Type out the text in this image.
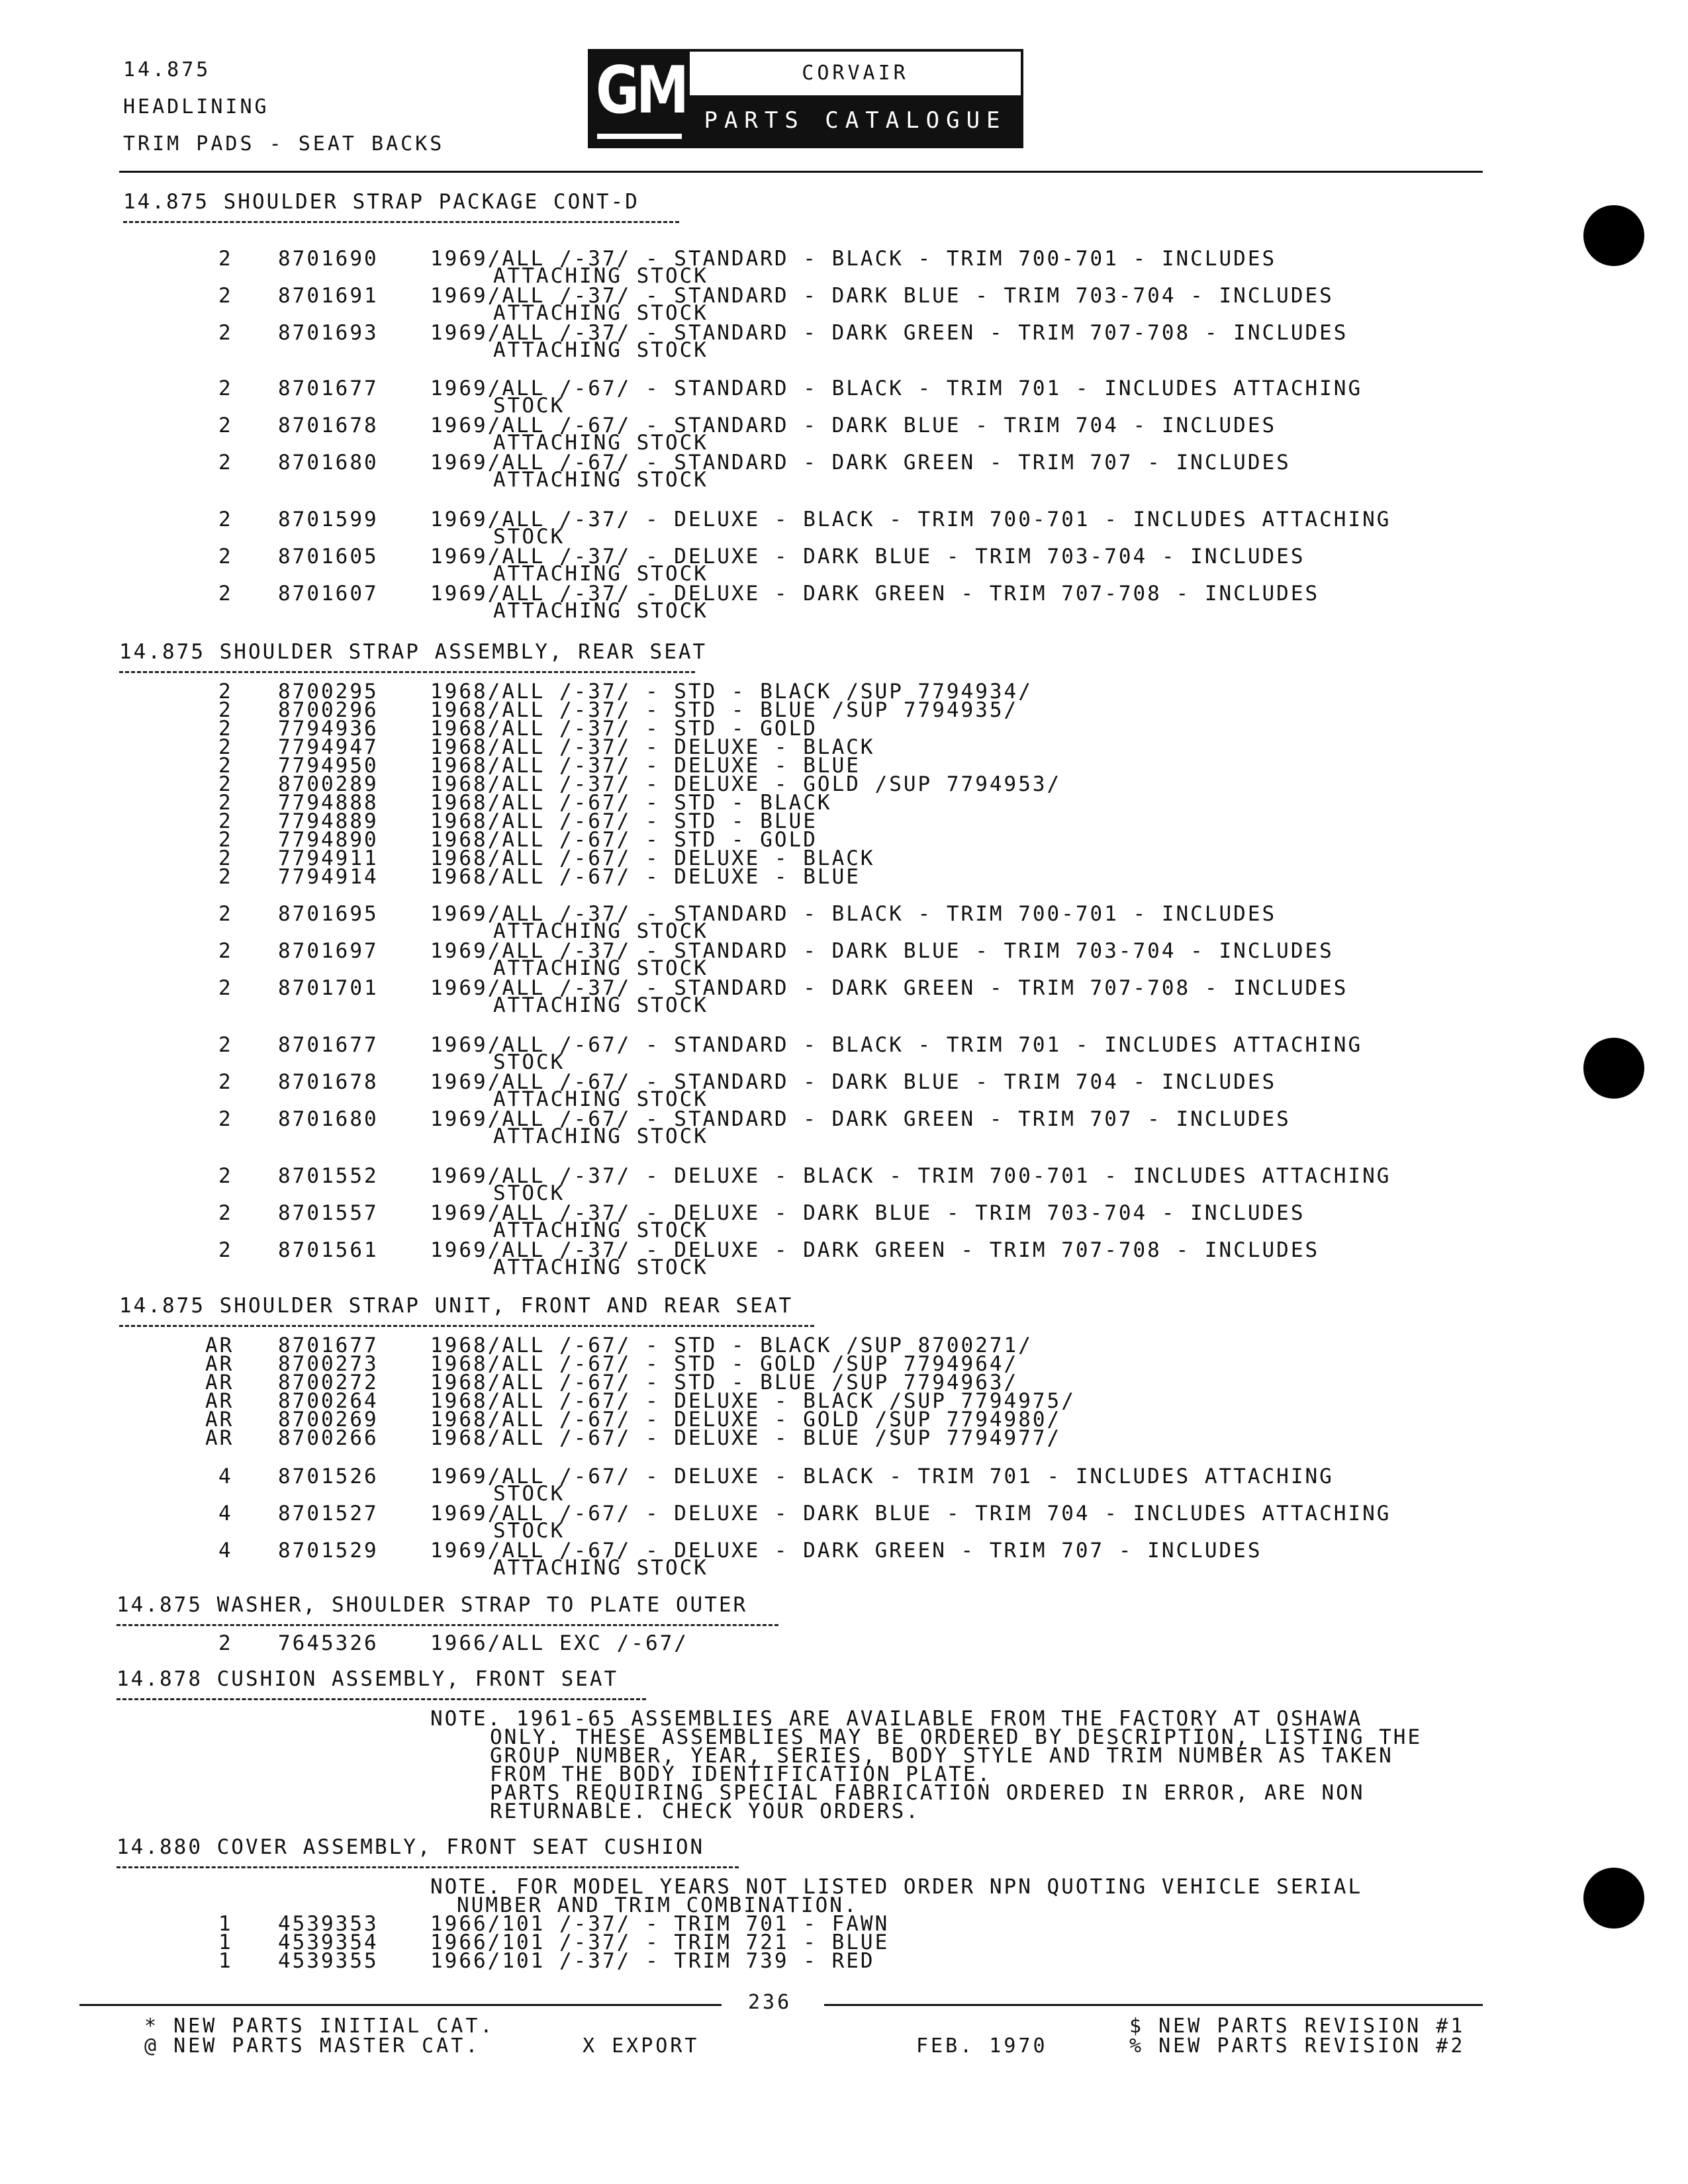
14.875
HEADLINING
TRIM PADS - SEAT BACKS
GM	CORVAIR
PARTS CATALOGUE
14.875 SHOULDER STRAP PACKAGE CONT-D
14.875 SHOULDER STRAP ASSEMBLY, REAR SEAT
14.875 SHOULDER STRAP UNIT, FRONT AND REAR SEAT
14.875 WASHER, SHOULDER STRAP TO PLATE OUTER
14.878 CUSHION ASSEMBLY, FRONT SEAT
14.880 COVER ASSEMBLY, FRONT SEAT CUSHION
2 8701690	1969/ALL /-37/ - STANDARD - BLACK - TRIM 700-701 - INCLUDES
ATTACHING STOCK
2 8701691	1969/ALL /-37/ - STANDARD - DARK BLUE - TRIM 703-704 - INCLUDES
ATTACHING STOCK
2 8701693	1969/ALL /-37/ - STANDARD - DARK GREEN - TRIM 707-708 - INCLUDES
ATTACHING STOCK
2 8701677	1969/ALL /-67/ - STANDARD - BLACK - TRIM 701 - INCLUDES ATTACHING
STOCK
2 8701678	1969/ALL /-67/ - STANDARD - DARK BLUE - TRIM 704 - INCLUDES
ATTACHING STOCK
2 8701680	1969/ALL /-67/ - STANDARD - DARK GREEN - TRIM 707 - INCLUDES
ATTACHING STOCK
2 8701599	1969/ALL /-37/ - DELUXE - BLACK - TRIM 700-701 - INCLUDES ATTACHING
STOCK
2 8701605	1969/ALL /-37/ - DELUXE - DARK BLUE - TRIM 703-704 - INCLUDES
ATTACHING STOCK
2 8701607	1969/ALL /-37/ - DELUXE - DARK GREEN - TRIM 707-708 - INCLUDES
ATTACHING STOCK
2 8700295	1968/ALL /-37/ - STD - BLACK /SUP 7794934/
2 8700296	1968/ALL /-37/ - STD - BLUE /SUP 7794935/
2 7794936	1968/ALL /-37/ - STD - GOLD
2 7794947	1968/ALL /-37/ - DELUXE - BLACK
2 7794950	1968/ALL /-37/ - DELUXE - BLUE
2 8700289	1968/ALL /-37/ - DELUXE - GOLD /SUP 7794953/
2 7794888	1968/ALL /-67/ - STD - BLACK
2 7794889	1968/ALL /-67/ - STD - BLUE
2 7794890	1968/ALL /-67/ - STD - GOLD
2 7794911	1968/ALL /-67/ - DELUXE - BLACK
2 7794914	1968/ALL /-67/ - DELUXE - BLUE
2 8701695	1969/ALL /-37/ - STANDARD - BLACK - TRIM 700-701 - INCLUDES
ATTACHING STOCK
2 8701697	1969/ALL /-37/ - STANDARD - DARK BLUE - TRIM 703-704 - INCLUDES
ATTACHING STOCK
2 8701701	1969/ALL /-37/ - STANDARD - DARK GREEN - TRIM 707-708 - INCLUDES
ATTACHING STOCK
2 8701677	1969/ALL /-67/ - STANDARD - BLACK - TRIM 701 - INCLUDES ATTACHING
STOCK
2 8701678	1969/ALL /-67/ - STANDARD - DARK BLUE - TRIM 704 - INCLUDES
ATTACHING STOCK
2 8701680	1969/ALL /-67/ - STANDARD - DARK GREEN - TRIM 707 - INCLUDES
ATTACHING STOCK
2 8701552	1969/ALL /-37/ - DELUXE - BLACK - TRIM 700-701 - INCLUDES ATTACHING
STOCK
2 8701557	1969/ALL /-37/ - DELUXE - DARK BLUE - TRIM 703-704 - INCLUDES
ATTACHING STOCK
2 8701561	1969/ALL /-37/ - DELUXE - DARK GREEN - TRIM 707-708 - INCLUDES
ATTACHING STOCK
AR 8701677	1968/ALL /-67/ - STD - BLACK /SUP 8700271/
AR 8700273	1968/ALL /-67/ - STD - GOLD /SUP 7794964/
AR 8700272	1968/ALL /-67/ - STD - BLUE /SUP 7794963/
AR 8700264	1968/ALL /-67/ - DELUXE - BLACK /SUP 7794975/
AR 8700269	1968/ALL /-67/ - DELUXE - GOLD /SUP 7794980/
AR 8700266	1968/ALL /-67/ - DELUXE - BLUE /SUP 7794977/
4 8701526	1969/ALL /-67/ - DELUXE - BLACK - TRIM 701 - INCLUDES ATTACHING
STOCK
4 8701527	1969/ALL /-67/ - DELUXE - DARK BLUE - TRIM 704 - INCLUDES ATTACHING
STOCK
4 8701529	1969/ALL /-67/ - DELUXE - DARK GREEN - TRIM 707 - INCLUDES
ATTACHING STOCK
2 7645326	1966/ALL EXC /-67/
NOTE. 1961-65 ASSEMBLIES ARE AVAILABLE FROM THE FACTORY AT OSHAWA
ONLY. THESE ASSEMBLIES MAY BE ORDERED BY DESCRIPTION, LISTING THE
GROUP NUMBER, YEAR, SERIES, BODY STYLE AND TRIM NUMBER AS TAKEN
FROM THE BODY IDENTIFICATION PLATE.
PARTS REQUIRING SPECIAL FABRICATION ORDERED IN ERROR, ARE NON
RETURNABLE. CHECK YOUR ORDERS.
NOTE. FOR MODEL YEARS NOT LISTED ORDER NPN QUOTING VEHICLE SERIAL
NUMBER AND TRIM COMBINATION.
1 4539353	1966/101 /-37/ - TRIM 701 - FAWN
1 4539354	1966/101 /-37/ - TRIM 721 - BLUE
1 4539355	1966/101 /-37/ - TRIM 739 - RED
236
* NEW PARTS INITIAL CAT.
@ NEW PARTS MASTER CAT.	X EXPORT	FEB. 1970
$ NEW PARTS REVISION #1
% NEW PARTS REVISION #2
